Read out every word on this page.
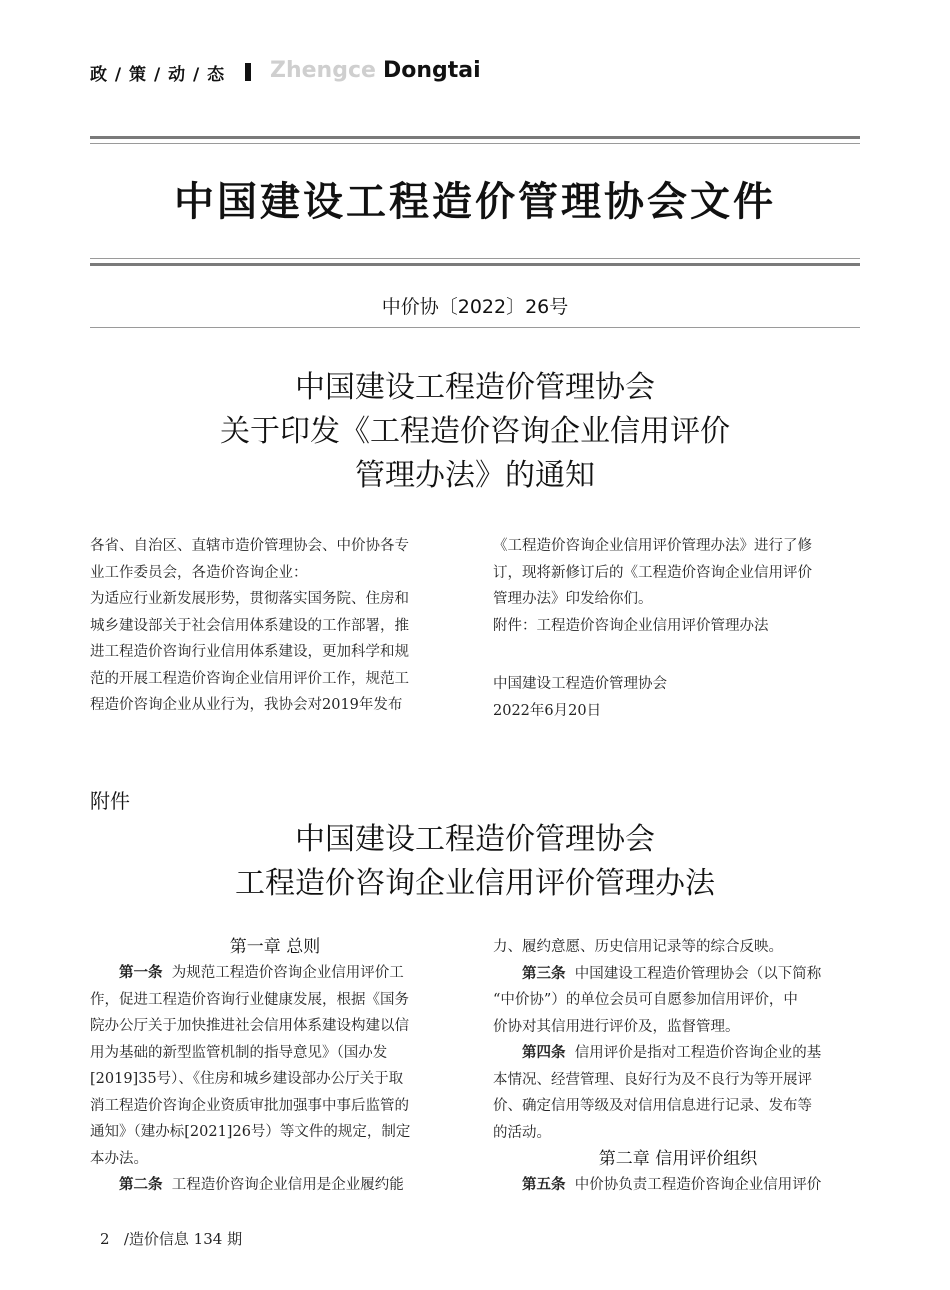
政 / 策 / 动 / 态 Zhengce Dongtai
中国建设工程造价管理协会文件
中价协〔2022〕26号
中国建设工程造价管理协会
关于印发《工程造价咨询企业信用评价
管理办法》的通知

各省、自治区、直辖市造价管理协会、中价协各专

业工作委员会，各造价咨询企业：

为适应行业新发展形势，贯彻落实国务院、住房和

城乡建设部关于社会信用体系建设的工作部署，推

进工程造价咨询行业信用体系建设，更加科学和规

范的开展工程造价咨询企业信用评价工作，规范工

程造价咨询企业从业行为，我协会对2019年发布

《工程造价咨询企业信用评价管理办法》进行了修

订，现将新修订后的《工程造价咨询企业信用评价

管理办法》印发给你们。

附件：工程造价咨询企业信用评价管理办法

中国建设工程造价管理协会

2022年6月20日

附件
中国建设工程造价管理协会
工程造价咨询企业信用评价管理办法
第一章 总则

第一条 为规范工程造价咨询企业信用评价工

作，促进工程造价咨询行业健康发展，根据《国务

院办公厅关于加快推进社会信用体系建设构建以信

用为基础的新型监管机制的指导意见》（国办发

[2019]35号）、《住房和城乡建设部办公厅关于取

消工程造价咨询企业资质审批加强事中事后监管的

通知》（建办标[2021]26号）等文件的规定，制定

本办法。

第二条 工程造价咨询企业信用是企业履约能

力、履约意愿、历史信用记录等的综合反映。

第三条 中国建设工程造价管理协会（以下简称

“中价协”）的单位会员可自愿参加信用评价，中

价协对其信用进行评价及，监督管理。

第四条 信用评价是指对工程造价咨询企业的基

本情况、经营管理、良好行为及不良行为等开展评

价、确定信用等级及对信用信息进行记录、发布等

的活动。

第二章 信用评价组织

第五条 中价协负责工程造价咨询企业信用评价

2 /造价信息 134 期
